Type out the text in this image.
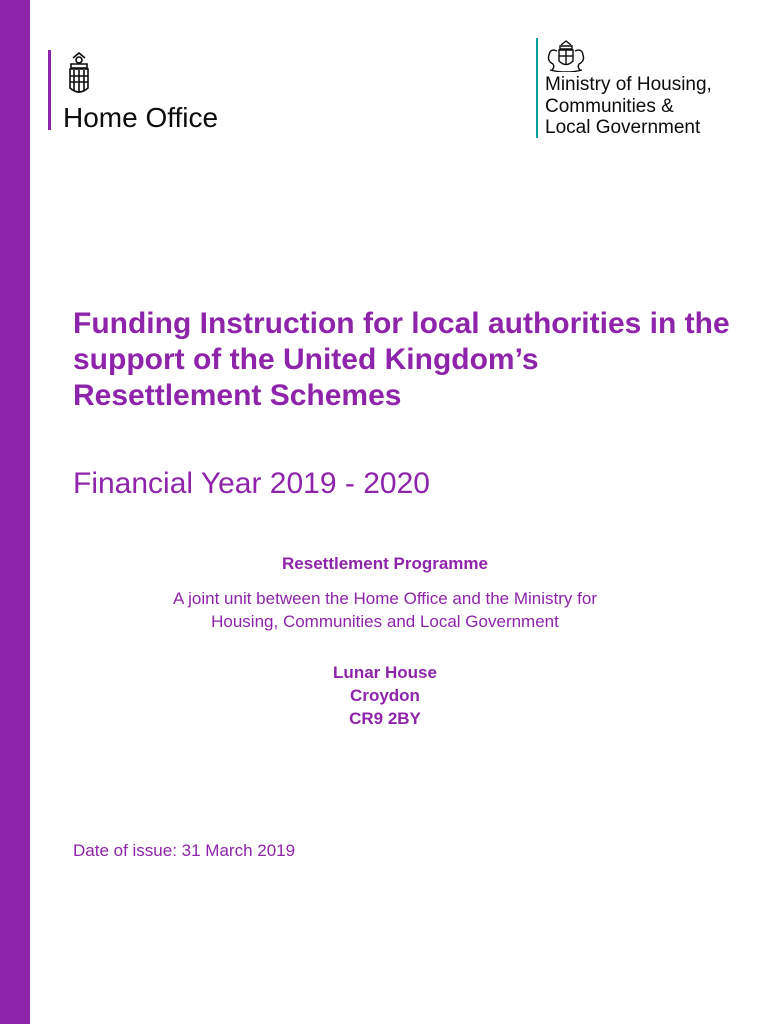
Home Office
Ministry of Housing,
Communities &
Local Government
Funding Instruction for local authorities in the support of the United Kingdom’s Resettlement Schemes
Financial Year 2019 - 2020
Resettlement Programme
A joint unit between the Home Office and the Ministry for
Housing, Communities and Local Government
Lunar House
Croydon
CR9 2BY
Date of issue: 31 March 2019
